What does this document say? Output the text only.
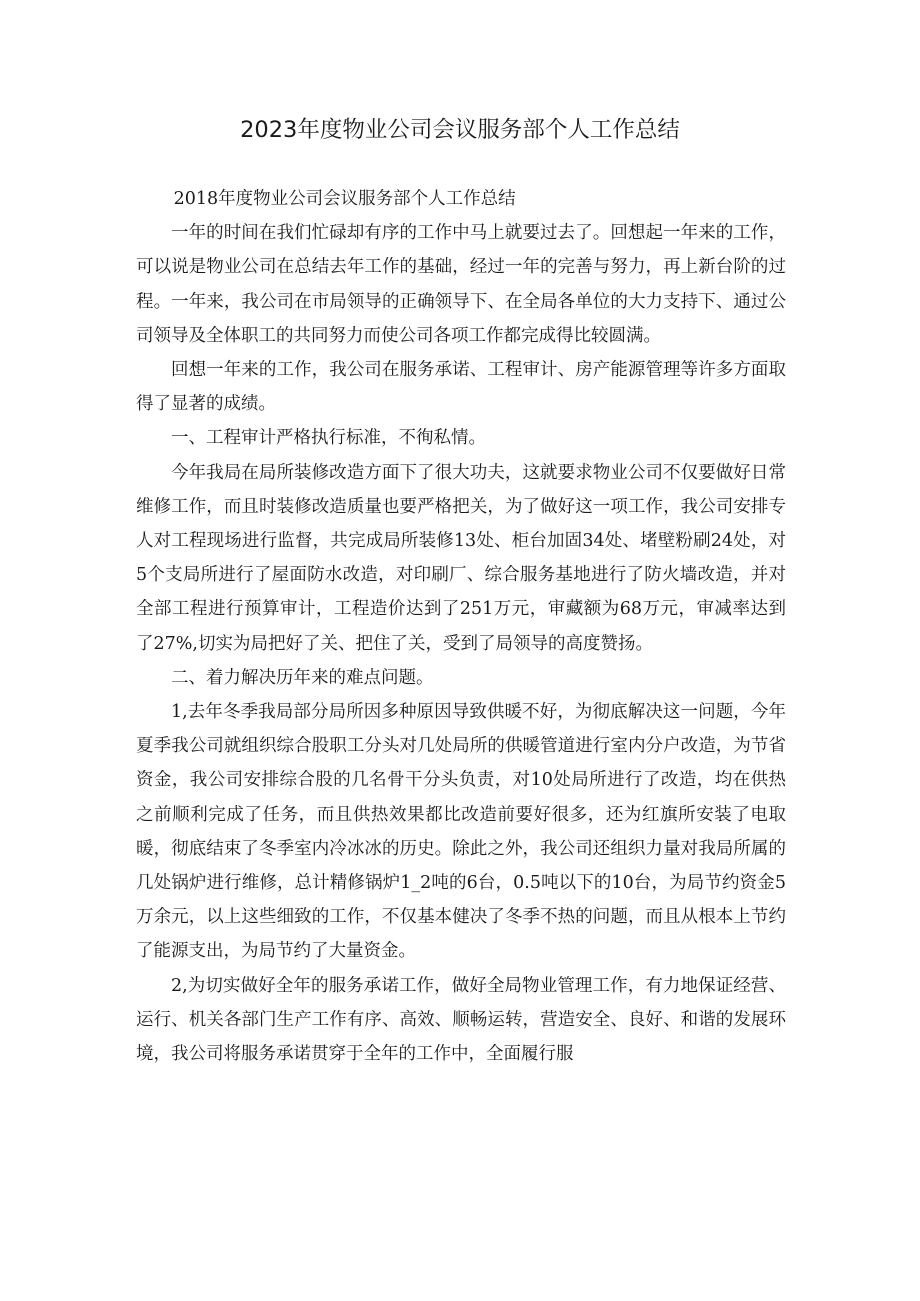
2023年度物业公司会议服务部个人工作总结

2018年度物业公司会议服务部个人工作总结

一年的时间在我们忙碌却有序的工作中马上就要过去了。回想起一年来的工作，可以说是物业公司在总结去年工作的基础，经过一年的完善与努力，再上新台阶的过程。一年来，我公司在市局领导的正确领导下、在全局各单位的大力支持下、通过公司领导及全体职工的共同努力而使公司各项工作都完成得比较圆满。

回想一年来的工作，我公司在服务承诺、工程审计、房产能源管理等许多方面取得了显著的成绩。

一、工程审计严格执行标准，不徇私情。

今年我局在局所装修改造方面下了很大功夫，这就要求物业公司不仅要做好日常维修工作，而且时装修改造质量也要严格把关，为了做好这一项工作，我公司安排专人对工程现场进行监督，共完成局所装修13处、柜台加固34处、堵壁粉刷24处，对5个支局所进行了屋面防水改造，对印刷厂、综合服务基地进行了防火墙改造，并对全部工程进行预算审计，工程造价达到了251万元，审藏额为68万元，审减率达到了27%,切实为局把好了关、把住了关，受到了局领导的高度赞扬。

二、着力解决历年来的难点问题。

1,去年冬季我局部分局所因多种原因导致供暖不好，为彻底解决这一问题，今年夏季我公司就组织综合股职工分头对几处局所的供暖管道进行室内分户改造，为节省资金，我公司安排综合股的几名骨干分头负责，对10处局所进行了改造，均在供热之前顺利完成了任务，而且供热效果都比改造前要好很多，还为红旗所安装了电取暖，彻底结束了冬季室内冷冰冰的历史。除此之外，我公司还组织力量对我局所属的几处锅炉进行维修，总计精修锅炉1_2吨的6台，0.5吨以下的10台，为局节约资金5万余元，以上这些细致的工作，不仅基本健决了冬季不热的问题，而且从根本上节约了能源支出，为局节约了大量资金。

2,为切实做好全年的服务承诺工作，做好全局物业管理工作，有力地保证经营、运行、机关各部门生产工作有序、高效、顺畅运转，营造安全、良好、和谐的发展环境，我公司将服务承诺贯穿于全年的工作中，全面履行服
